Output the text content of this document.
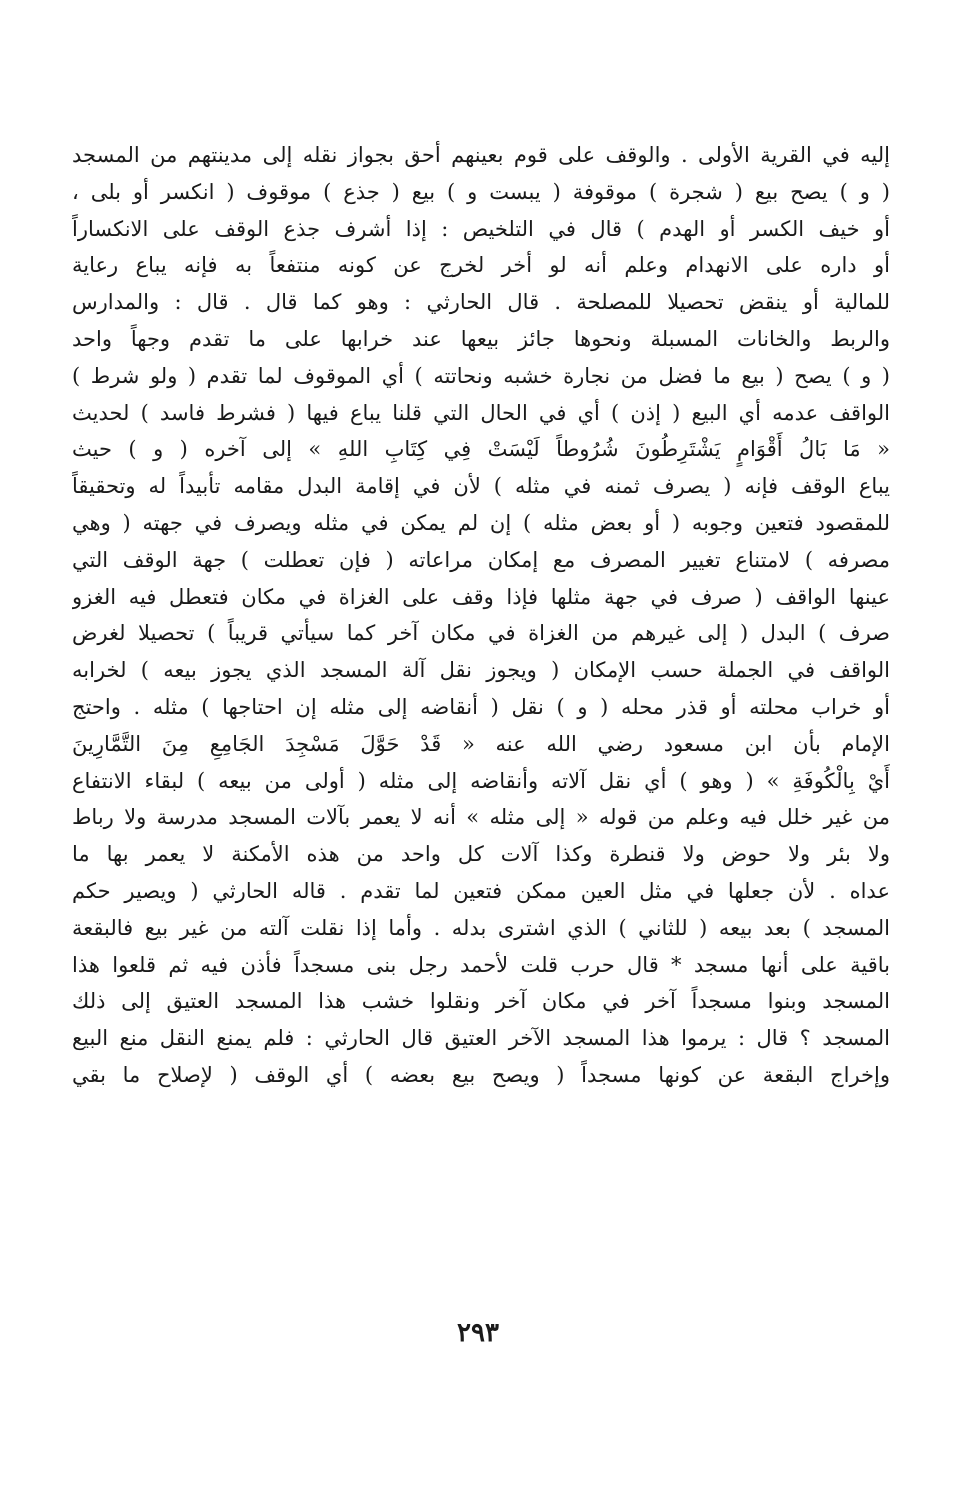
إليه في القرية الأولى . والوقف على قوم بعينهم أحق بجواز نقله إلى مدينتهم من المسجد
( و ) يصح بيع ( شجرة ) موقوفة ( يبست و ) بيع ( جذع ) موقوف ( انكسر أو بلى ،
أو خيف الكسر أو الهدم ) قال في التلخيص : إذا أشرف جذع الوقف على الانكساراً
أو داره على الانهدام وعلم أنه لو أخر لخرج عن كونه منتفعاً به فإنه يباع رعاية
للمالية أو ينقض تحصيلا للمصلحة . قال الحارثي : وهو كما قال . قال : والمدارس
والربط والخانات المسبلة ونحوها جائز بيعها عند خرابها على ما تقدم وجهاً واحد
( و ) يصح ( بيع ما فضل من نجارة خشبه ونحاتته ) أي الموقوف لما تقدم ( ولو شرط )
الواقف عدمه أي البيع ( إذن ) أي في الحال التي قلنا يباع فيها ( فشرط فاسد ) لحديث
« مَا بَالُ أَقْوَامٍ يَشْتَرِطُونَ شُرُوطاً لَيْسَتْ فِي كِتَابِ اللهِ » إلى آخره ( و ) حيث
يباع الوقف فإنه ( يصرف ثمنه في مثله ) لأن في إقامة البدل مقامه تأبيداً له وتحقيقاً
للمقصود فتعين وجوبه ( أو بعض مثله ) إن لم يمكن في مثله ويصرف في جهته ( وهي
مصرفه ) لامتناع تغيير المصرف مع إمكان مراعاته ( فإن تعطلت ) جهة الوقف التي
عينها الواقف ( صرف في جهة مثلها فإذا وقف على الغزاة في مكان فتعطل فيه الغزو
صرف ) البدل ( إلى غيرهم من الغزاة في مكان آخر كما سيأتي قريباً ) تحصيلا لغرض
الواقف في الجملة حسب الإمكان ( ويجوز نقل آلة المسجد الذي يجوز بيعه ) لخرابه
أو خراب محلته أو قذر محله ( و ) نقل ( أنقاضه إلى مثله إن احتاجها ) مثله . واحتج
الإمام بأن ابن مسعود رضي الله عنه « قَدْ حَوَّلَ مَسْجِدَ الجَامِعِ مِنَ التَّمَّارِينَ
أَيْ بِالْكُوفَةِ » ( وهو ) أي نقل آلاته وأنقاضه إلى مثله ( أولى من بيعه ) لبقاء الانتفاع
من غير خلل فيه وعلم من قوله « إلى مثله » أنه لا يعمر بآلات المسجد مدرسة ولا رباط
ولا بئر ولا حوض ولا قنطرة وكذا آلات كل واحد من هذه الأمكنة لا يعمر بها ما
عداه . لأن جعلها في مثل العين ممكن فتعين لما تقدم . قاله الحارثي ( ويصير حكم
المسجد ) بعد بيعه ( للثاني ) الذي اشترى بدله . وأما إذا نقلت آلته من غير بيع فالبقعة
باقية على أنها مسجد * قال حرب قلت لأحمد رجل بنى مسجداً فأذن فيه ثم قلعوا هذا
المسجد وبنوا مسجداً آخر في مكان آخر ونقلوا خشب هذا المسجد العتيق إلى ذلك
المسجد ؟ قال : يرموا هذا المسجد الآخر العتيق قال الحارثي : فلم يمنع النقل منع البيع
وإخراج البقعة عن كونها مسجداً ( ويصح بيع بعضه ) أي الوقف ( لإصلاح ما بقي
٢٩٣
